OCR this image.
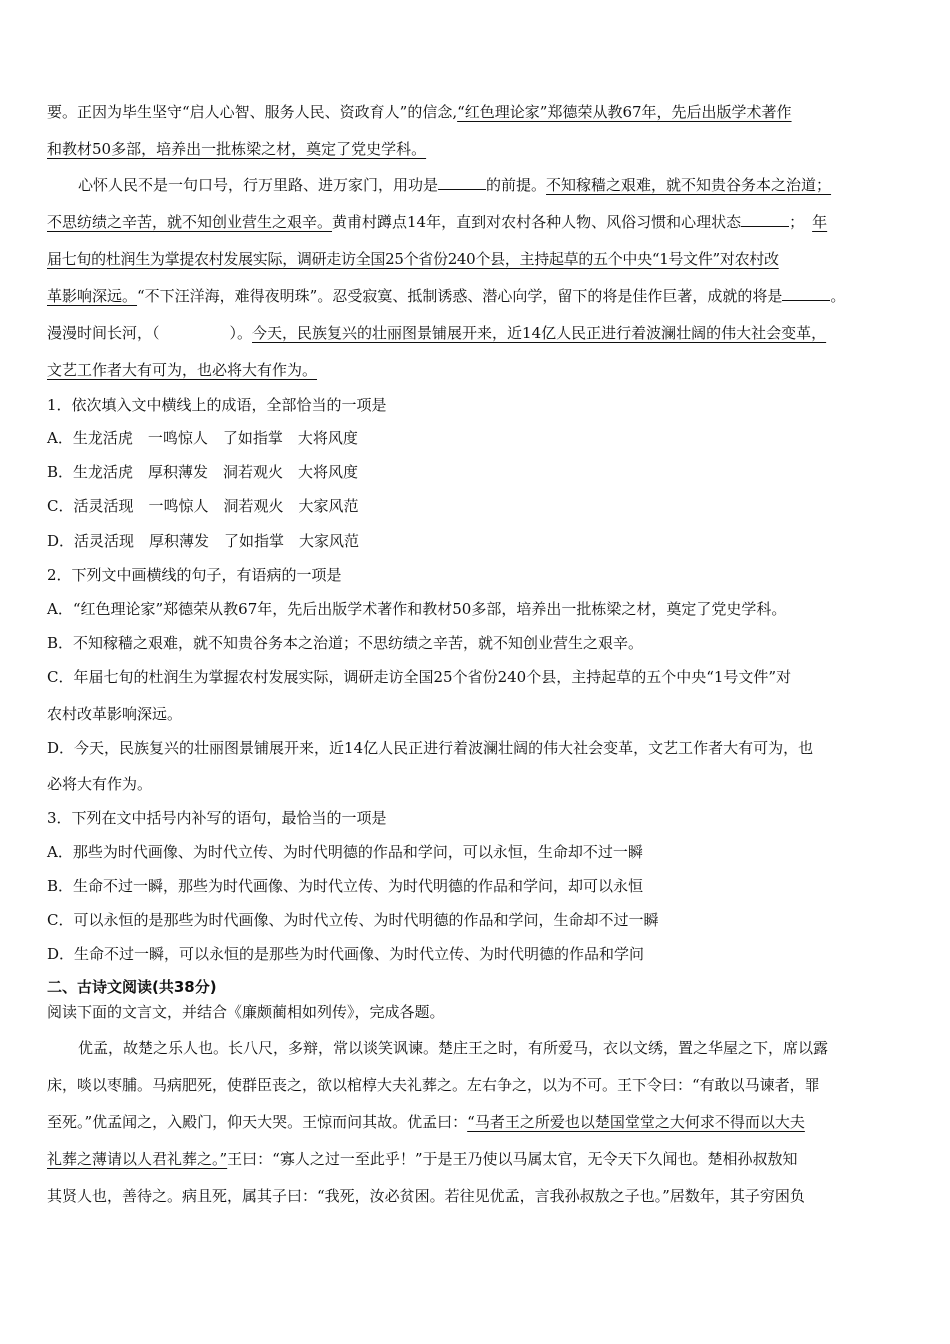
要。正因为毕生坚守“启人心智、服务人民、资政育人”的信念,“红色理论家”郑德荣从教67年，先后出版学术著作
和教材50多部，培养出一批栋梁之材，奠定了党史学科。
心怀人民不是一句口号，行万里路、进万家门，用功是	的前提。不知稼穑之艰难，就不知贵谷务本之治道；
不思纺绩之辛苦，就不知创业营生之艰辛。黄甫村蹲点14年，直到对农村各种人物、风俗习惯和心理状态	； 年
届七旬的杜润生为掌提农村发展实际，调研走访全国25个省份240个县，主持起草的五个中央“1号文件”对农村改
革影响深远。“不下汪洋海，难得夜明珠”。忍受寂寞、抵制诱惑、潜心向学，留下的将是佳作巨著，成就的将是	。
漫漫时间长河，（	）。今天，民族复兴的壮丽图景铺展开来，近14亿人民正进行着波澜壮阔的伟大社会变革，
文艺工作者大有可为，也必将大有作为。
1．依次填入文中横线上的成语，全部恰当的一项是
A．生龙活虎　一鸣惊人　了如指掌　大将风度
B．生龙活虎　厚积薄发　洞若观火　大将风度
C．活灵活现　一鸣惊人　洞若观火　大家风范
D．活灵活现　厚积薄发　了如指掌　大家风范
2．下列文中画横线的句子，有语病的一项是
A．“红色理论家”郑德荣从教67年，先后出版学术著作和教材50多部，培养出一批栋梁之材，奠定了党史学科。
B．不知稼穑之艰难，就不知贵谷务本之治道；不思纺绩之辛苦，就不知创业营生之艰辛。
C．年届七旬的杜润生为掌握农村发展实际，调研走访全国25个省份240个县，主持起草的五个中央“1号文件”对
农村改革影响深远。
D．今天，民族复兴的壮丽图景铺展开来，近14亿人民正进行着波澜壮阔的伟大社会变革，文艺工作者大有可为，也
必将大有作为。
3．下列在文中括号内补写的语句，最恰当的一项是
A．那些为时代画像、为时代立传、为时代明德的作品和学问，可以永恒，生命却不过一瞬
B．生命不过一瞬，那些为时代画像、为时代立传、为时代明德的作品和学问，却可以永恒
C．可以永恒的是那些为时代画像、为时代立传、为时代明德的作品和学问，生命却不过一瞬
D．生命不过一瞬，可以永恒的是那些为时代画像、为时代立传、为时代明德的作品和学问
二、古诗文阅读(共38分)
阅读下面的文言文，并结合《廉颇蔺相如列传》，完成各题。
优孟，故楚之乐人也。长八尺，多辩，常以谈笑讽谏。楚庄王之时，有所爱马，衣以文绣，置之华屋之下，席以露
床，啖以枣脯。马病肥死，使群臣丧之，欲以棺椁大夫礼葬之。左右争之，以为不可。王下令曰：“有敢以马谏者，罪
至死。”优孟闻之，入殿门，仰天大哭。王惊而问其故。优孟曰：“马者王之所爱也以楚国堂堂之大何求不得而以大夫
礼葬之薄请以人君礼葬之。”王曰：“寡人之过一至此乎！”于是王乃使以马属太官，无令天下久闻也。楚相孙叔敖知
其贤人也，善待之。病且死，属其子曰：“我死，汝必贫困。若往见优孟，言我孙叔敖之子也。”居数年，其子穷困负
